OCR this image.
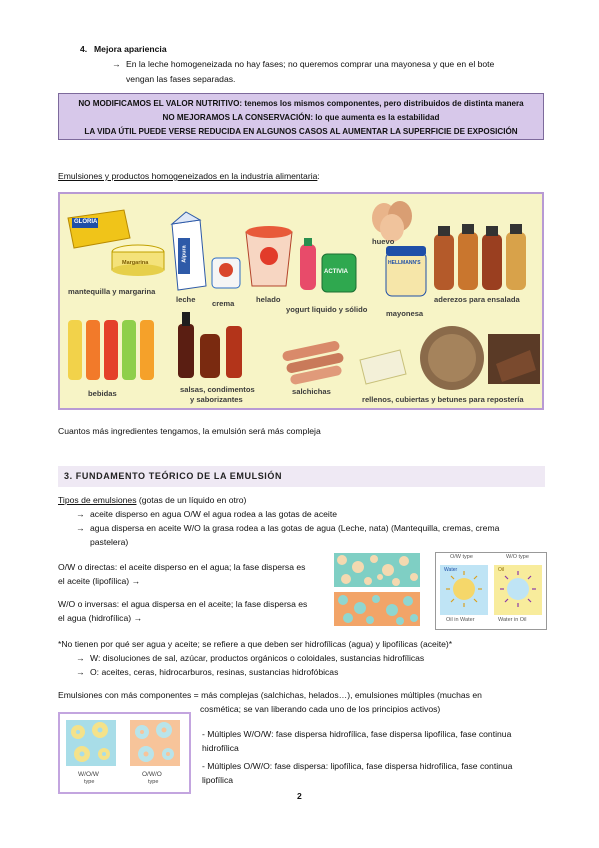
4. Mejora apariencia
→ En la leche homogeneizada no hay fases; no queremos comprar una mayonesa y que en el bote
vengan las fases separadas.
NO MODIFICAMOS EL VALOR NUTRITIVO: tenemos los mismos componentes, pero distribuidos de distinta manera
NO MEJORAMOS LA CONSERVACIÓN: lo que aumenta es la estabilidad
LA VIDA ÚTIL PUEDE VERSE REDUCIDA EN ALGUNOS CASOS AL AUMENTAR LA SUPERFICIE DE EXPOSICIÓN
Emulsiones y productos homogeneizados en la industria alimentaria:
mantequilla y margarina
leche crema	helado
yogurt liquido y sólido
huevo
mayonesa
aderezos para ensalada
bebidas	salsas, condimentos
y saborizantes
salchichas
rellenos, cubiertas y betunes para repostería
GLORIA
Margarina
Alpura
ACTIVIA
HELLMANN'S
Cuantos más ingredientes tengamos, la emulsión será más compleja
3. FUNDAMENTO TEÓRICO DE LA EMULSIÓN
Tipos de emulsiones (gotas de un líquido en otro)
→ aceite disperso en agua O/W el agua rodea a las gotas de aceite
→ agua dispersa en aceite W/O la grasa rodea a las gotas de agua (Leche, nata) (Mantequilla, cremas, crema
pastelera)
O/W o directas: el aceite disperso en el agua; la fase dispersa es
el aceite (lipofílica) →
W/O o inversas: el agua dispersa en el aceite; la fase dispersa es
el agua (hidrofílica) →
O/W type	W/O type
Water	Oil
Oil in Water	Water in Oil
*No tienen por qué ser agua y aceite; se refiere a que deben ser hidrofílicas (agua) y lipofílicas (aceite)*
→ W: disoluciones de sal, azúcar, productos orgánicos o coloidales, sustancias hidrofílicas
→ O: aceites, ceras, hidrocarburos, resinas, sustancias hidrofóbicas
Emulsiones con más componentes = más complejas (salchichas, helados…), emulsiones múltiples (muchas en
cosmética; se van liberando cada uno de los principios activos)
W/O/W
type
O/W/O
type
- Múltiples W/O/W: fase dispersa hidrofílica, fase dispersa lipofílica, fase continua
hidrofílica
- Múltiples O/W/O: fase dispersa: lipofílica, fase dispersa hidrofílica, fase continua
lipofílica
2
